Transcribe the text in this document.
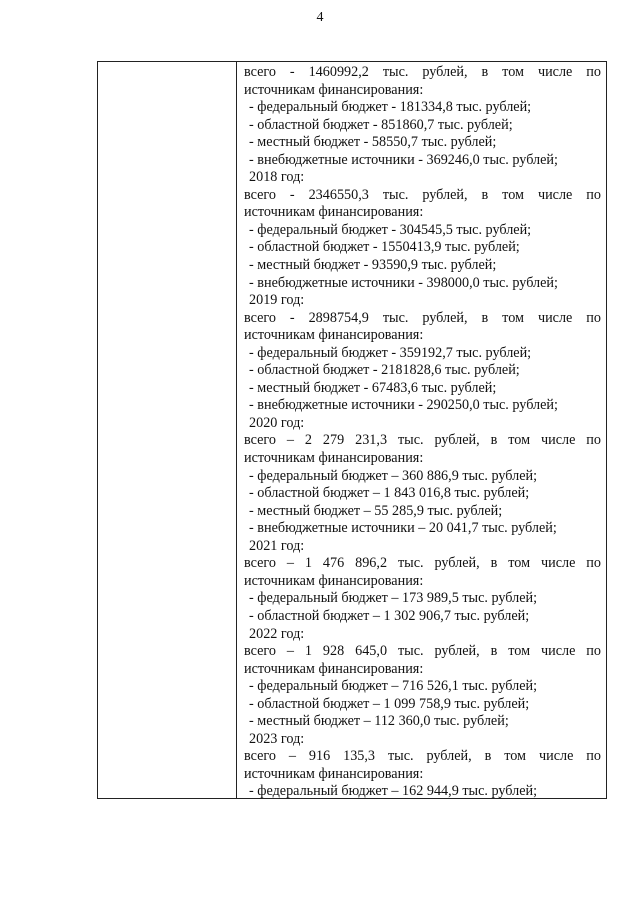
4
всего - 1460992,2 тыс. рублей, в том числе по
источникам финансирования:
- федеральный бюджет - 181334,8 тыс. рублей;
- областной бюджет - 851860,7 тыс. рублей;
- местный бюджет - 58550,7 тыс. рублей;
- внебюджетные источники - 369246,0 тыс. рублей;
2018 год:
всего - 2346550,3 тыс. рублей, в том числе по
источникам финансирования:
- федеральный бюджет - 304545,5 тыс. рублей;
- областной бюджет - 1550413,9 тыс. рублей;
- местный бюджет - 93590,9 тыс. рублей;
- внебюджетные источники - 398000,0 тыс. рублей;
2019 год:
всего - 2898754,9 тыс. рублей, в том числе по
источникам финансирования:
- федеральный бюджет - 359192,7 тыс. рублей;
- областной бюджет - 2181828,6 тыс. рублей;
- местный бюджет - 67483,6 тыс. рублей;
- внебюджетные источники - 290250,0 тыс. рублей;
2020 год:
всего – 2 279 231,3 тыс. рублей, в том числе по
источникам финансирования:
- федеральный бюджет – 360 886,9 тыс. рублей;
- областной бюджет – 1 843 016,8 тыс. рублей;
- местный бюджет – 55 285,9 тыс. рублей;
- внебюджетные источники – 20 041,7 тыс. рублей;
2021 год:
всего – 1 476 896,2 тыс. рублей, в том числе по
источникам финансирования:
- федеральный бюджет – 173 989,5 тыс. рублей;
- областной бюджет – 1 302 906,7 тыс. рублей;
2022 год:
всего – 1 928 645,0 тыс. рублей, в том числе по
источникам финансирования:
- федеральный бюджет – 716 526,1 тыс. рублей;
- областной бюджет – 1 099 758,9 тыс. рублей;
- местный бюджет – 112 360,0 тыс. рублей;
2023 год:
всего – 916 135,3 тыс. рублей, в том числе по
источникам финансирования:
- федеральный бюджет – 162 944,9 тыс. рублей;
